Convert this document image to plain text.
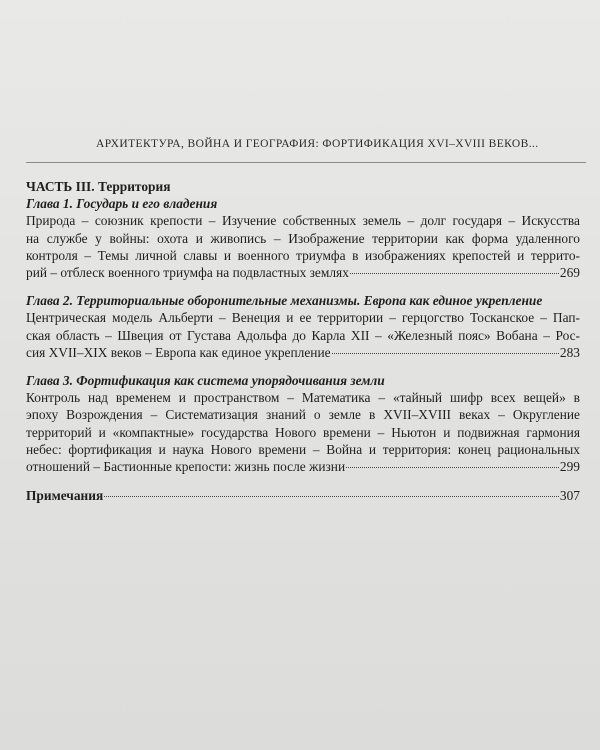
АРХИТЕКТУРА, ВОЙНА И ГЕОГРАФИЯ: ФОРТИФИКАЦИЯ XVI–XVIII ВЕКОВ...

ЧАСТЬ III. Территория

Глава 1. Государь и его владения

Природа – союзник крепости – Изучение собственных земель – долг государя – Искусства
на службе у войны: охота и живопись – Изображение территории как форма удаленного
контроля – Темы личной славы и военного триумфа в изображениях крепостей и террито-

рий – отблеск военного триумфа на подвластных землях	269

Глава 2. Территориальные оборонительные механизмы. Европа как единое укрепление

Центрическая модель Альберти – Венеция и ее территории – герцогство Тосканское – Пап-
ская область – Швеция от Густава Адольфа до Карла XII – «Железный пояс» Вобана – Рос-

сия XVII–XIX веков – Европа как единое укрепление	283

Глава 3. Фортификация как система упорядочивания земли

Контроль над временем и пространством – Математика – «тайный шифр всех вещей» в
эпоху Возрождения – Систематизация знаний о земле в XVII–XVIII веках – Округление
территорий и «компактные» государства Нового времени – Ньютон и подвижная гармония
небес: фортификация и наука Нового времени – Война и территория: конец рациональных

отношений – Бастионные крепости: жизнь после жизни	299
Примечания	307
